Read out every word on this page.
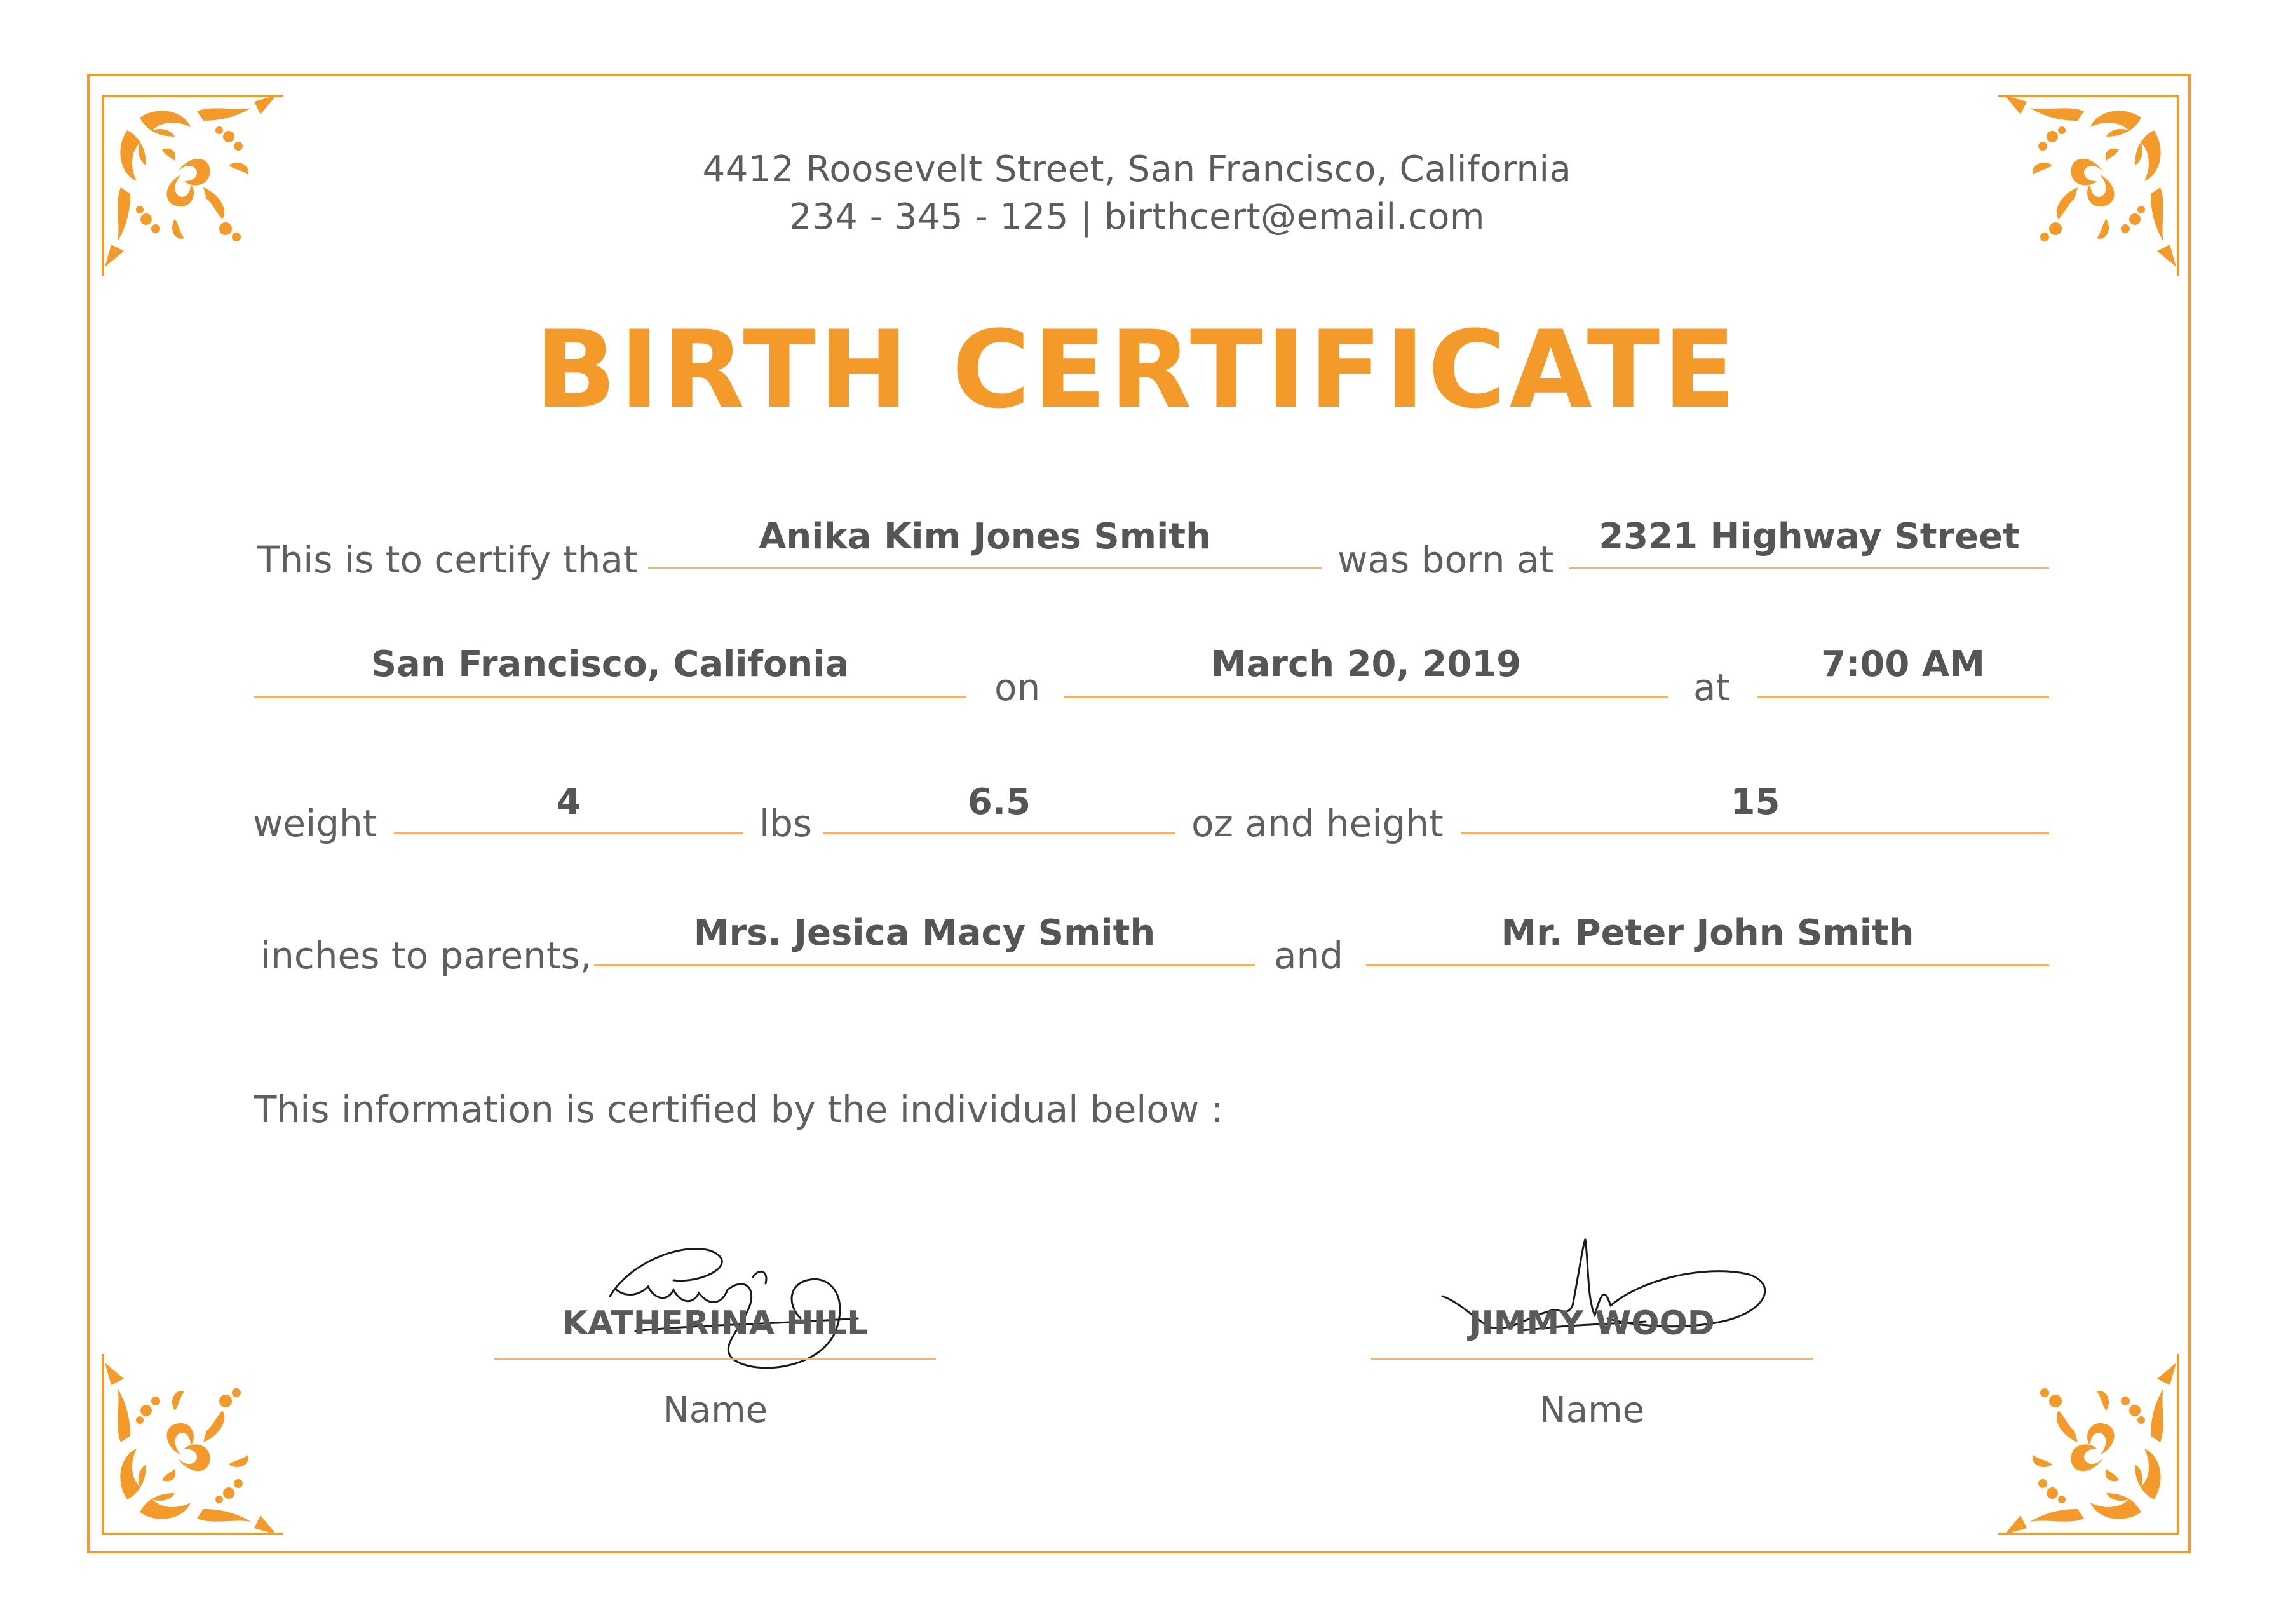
4412 Roosevelt Street, San Francisco, California
234 - 345 - 125 | birthcert@email.com
BIRTH CERTIFICATE
This is to certify that
Anika Kim Jones Smith
was born at
2321 Highway Street
San Francisco, Califonia
on
March 20, 2019
at
7:00 AM
weight	4	lbs	6.5	oz and height	15
inches to parents,
Mrs. Jesica Macy Smith
and
Mr. Peter John Smith
This information is certified by the individual below :
KATHERINA HILL
Name
JIMMY WOOD
Name
